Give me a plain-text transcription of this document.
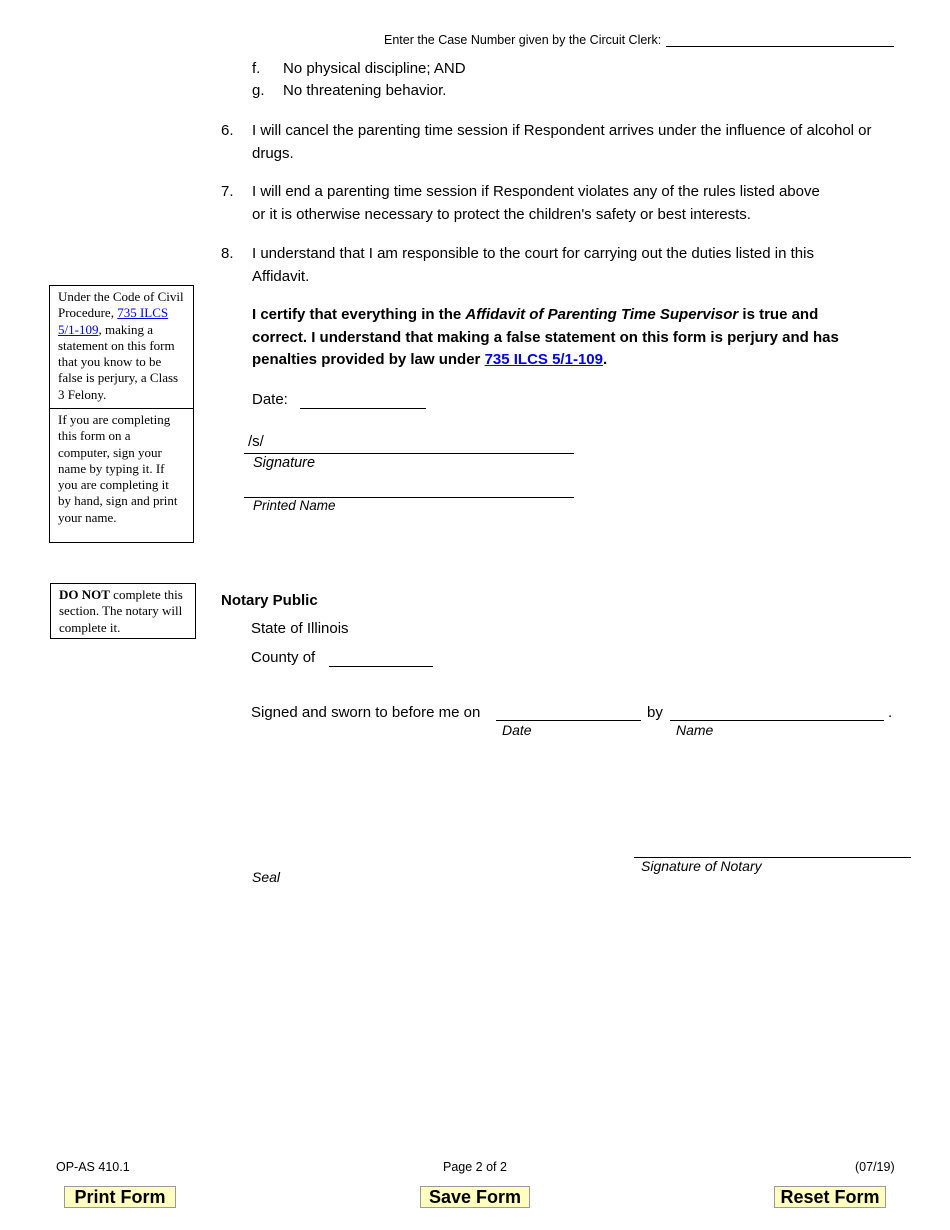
Enter the Case Number given by the Circuit Clerk:
f. No physical discipline; AND
g. No threatening behavior.
6. I will cancel the parenting time session if Respondent arrives under the influence of alcohol or
drugs.
7. I will end a parenting time session if Respondent violates any of the rules listed above
or it is otherwise necessary to protect the children's safety or best interests.
8. I understand that I am responsible to the court for carrying out the duties listed in this
Affidavit.
I certify that everything in the Affidavit of Parenting Time Supervisor is true and
correct. I understand that making a false statement on this form is perjury and has
penalties provided by law under 735 ILCS 5/1-109.
Date:
/s/
Signature
Printed Name
Under the Code of Civil Procedure, 735 ILCS 5/1-109, making a statement on this form that you know to be false is perjury, a Class 3 Felony.
If you are completing this form on a computer, sign your name by typing it. If you are completing it by hand, sign and print your name.
DO NOT complete this section. The notary will complete it.
Notary Public
State of Illinois
County of
Signed and sworn to before me on	by	.
Date	Name
Signature of Notary
Seal
OP-AS 410.1	Page 2 of 2	(07/19)
Print Form	Save Form	Reset Form
